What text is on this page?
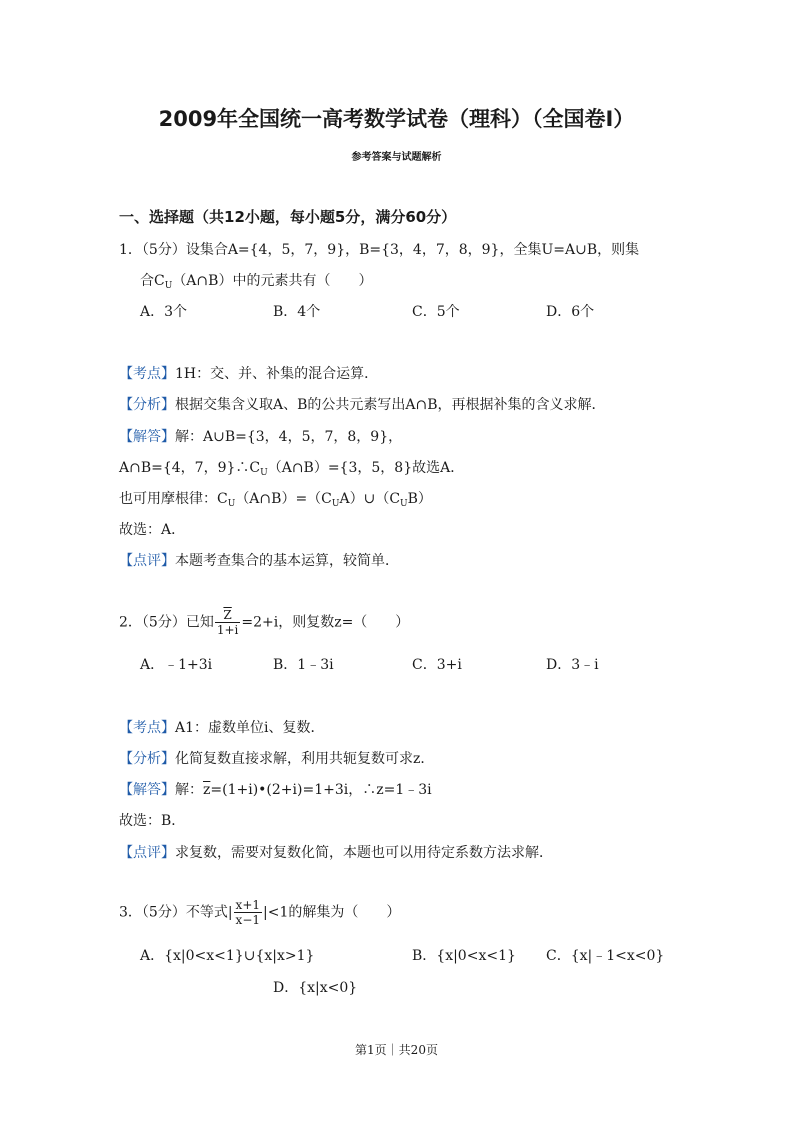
2009年全国统一高考数学试卷（理科）（全国卷Ⅰ）
参考答案与试题解析
一、选择题（共12小题，每小题5分，满分60分）
1．（5分）设集合A={4，5，7，9}，B={3，4，7，8，9}，全集U=A∪B，则集
合$C_U(A\cap B)$中的元素共有（　　）
A．3个	B．4个	C．5个	D．6个
【考点】1H：交、并、补集的混合运算．
【分析】根据交集含义取A、B的公共元素写出A∩B，再根据补集的含义求解．
【解答】解：A∪B={3，4，5，7，8，9}，
A∩B={4，7，$9\}\therefore C_U(A\cap B)=\{3$，5，8}故选A．
也可用摩根律：$C_U(A\cap B)=(C_UA)\cup(C_UB)$
故选：A．
【点评】本题考查集合的基本运算，较简单．
2．（5分）已知 $\frac{\overline{Z}}{1+i} =2+i$，则复数z=（　　）
A．﹣1+3i	B．1﹣3i	C．3+i	D．3﹣i
【考点】A1：虚数单位i、复数．
【分析】化简复数直接求解，利用共轭复数可求z．
【解答】解：$\overline{z}=(1+i)•(2+i)=1+3i$，∴z=1﹣3i
故选：B．
【点评】求复数，需要对复数化简，本题也可以用待定系数方法求解．
3．（5分）不等式| $\frac{x+1}{x-1} |<1$的解集为（　　）
A．{x|0<x<1}∪{x|x>1}	B．{x|0<x<1} C．{x|﹣1<x<0}
D．{x|x<0}
第1页｜共20页
